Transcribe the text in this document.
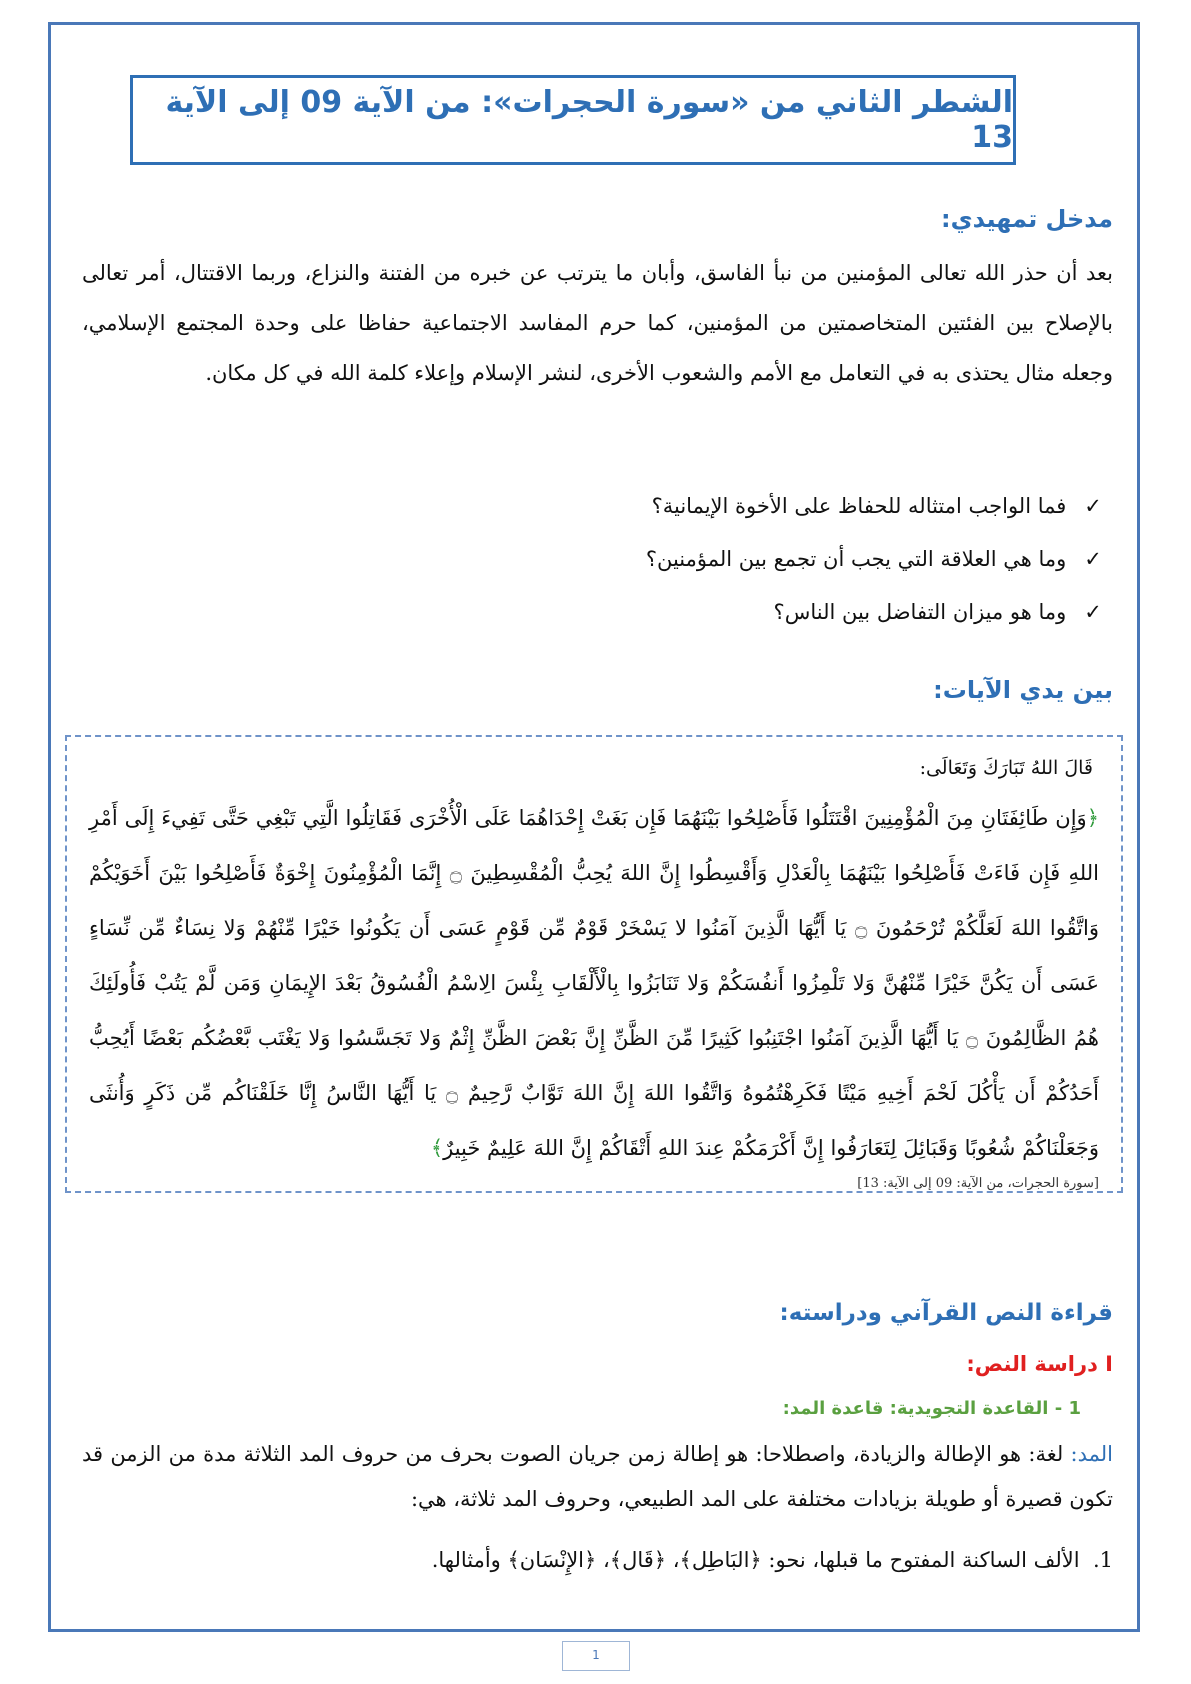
الشطر الثاني من «سورة الحجرات»: من الآية 09 إلى الآية 13
مدخل تمهيدي:

بعد أن حذر الله تعالى المؤمنين من نبأ الفاسق، وأبان ما يترتب عن خبره من الفتنة والنزاع، وربما الاقتتال، أمر تعالى بالإصلاح بين الفئتين المتخاصمتين من المؤمنين، كما حرم المفاسد الاجتماعية حفاظا على وحدة المجتمع الإسلامي، وجعله مثال يحتذى به في التعامل مع الأمم والشعوب الأخرى، لنشر الإسلام وإعلاء كلمة الله في كل مكان.

✓ فما الواجب امتثاله للحفاظ على الأخوة الإيمانية؟
✓ وما هي العلاقة التي يجب أن تجمع بين المؤمنين؟
✓ وما هو ميزان التفاضل بين الناس؟
بين يدي الآيات:

قَالَ اللهُ تَبَارَكَ وَتَعَالَى:

﴿وَإِن طَائِفَتَانِ مِنَ الْمُؤْمِنِينَ اقْتَتَلُوا فَأَصْلِحُوا بَيْنَهُمَا فَإِن بَغَتْ إِحْدَاهُمَا عَلَى الْأُخْرَى فَقَاتِلُوا الَّتِي تَبْغِي حَتَّى تَفِيءَ إِلَى أَمْرِ اللهِ فَإِن فَاءَتْ فَأَصْلِحُوا بَيْنَهُمَا بِالْعَدْلِ وَأَقْسِطُوا إِنَّ اللهَ يُحِبُّ الْمُقْسِطِينَ ۝ إِنَّمَا الْمُؤْمِنُونَ إِخْوَةٌ فَأَصْلِحُوا بَيْنَ أَخَوَيْكُمْ وَاتَّقُوا اللهَ لَعَلَّكُمْ تُرْحَمُونَ ۝ يَا أَيُّهَا الَّذِينَ آمَنُوا لا يَسْخَرْ قَوْمٌ مِّن قَوْمٍ عَسَى أَن يَكُونُوا خَيْرًا مِّنْهُمْ وَلا نِسَاءٌ مِّن نِّسَاءٍ عَسَى أَن يَكُنَّ خَيْرًا مِّنْهُنَّ وَلا تَلْمِزُوا أَنفُسَكُمْ وَلا تَنَابَزُوا بِالْأَلْقَابِ بِئْسَ الِاسْمُ الْفُسُوقُ بَعْدَ الإِيمَانِ وَمَن لَّمْ يَتُبْ فَأُولَئِكَ هُمُ الظَّالِمُونَ ۝ يَا أَيُّهَا الَّذِينَ آمَنُوا اجْتَنِبُوا كَثِيرًا مِّنَ الظَّنِّ إِنَّ بَعْضَ الظَّنِّ إِثْمٌ وَلا تَجَسَّسُوا وَلا يَغْتَب بَّعْضُكُم بَعْضًا أَيُحِبُّ أَحَدُكُمْ أَن يَأْكُلَ لَحْمَ أَخِيهِ مَيْتًا فَكَرِهْتُمُوهُ وَاتَّقُوا اللهَ إِنَّ اللهَ تَوَّابٌ رَّحِيمٌ ۝ يَا أَيُّهَا النَّاسُ إِنَّا خَلَقْنَاكُم مِّن ذَكَرٍ وَأُنثَى وَجَعَلْنَاكُمْ شُعُوبًا وَقَبَائِلَ لِتَعَارَفُوا إِنَّ أَكْرَمَكُمْ عِندَ اللهِ أَتْقَاكُمْ إِنَّ اللهَ عَلِيمٌ خَبِيرٌ﴾

[سورة الحجرات، من الآية: 09 إلى الآية: 13]

قراءة النص القرآني ودراسته:
I دراسة النص:
1 - القاعدة التجويدية: قاعدة المد:

المد: لغة: هو الإطالة والزيادة، واصطلاحا: هو إطالة زمن جريان الصوت بحرف من حروف المد الثلاثة مدة من الزمن قد تكون قصيرة أو طويلة بزيادات مختلفة على المد الطبيعي، وحروف المد ثلاثة، هي:

1.  الألف الساكنة المفتوح ما قبلها، نحو: ﴿البَاطِل﴾، ﴿قَال﴾، ﴿الإِنْسَان﴾ وأمثالها.

1
